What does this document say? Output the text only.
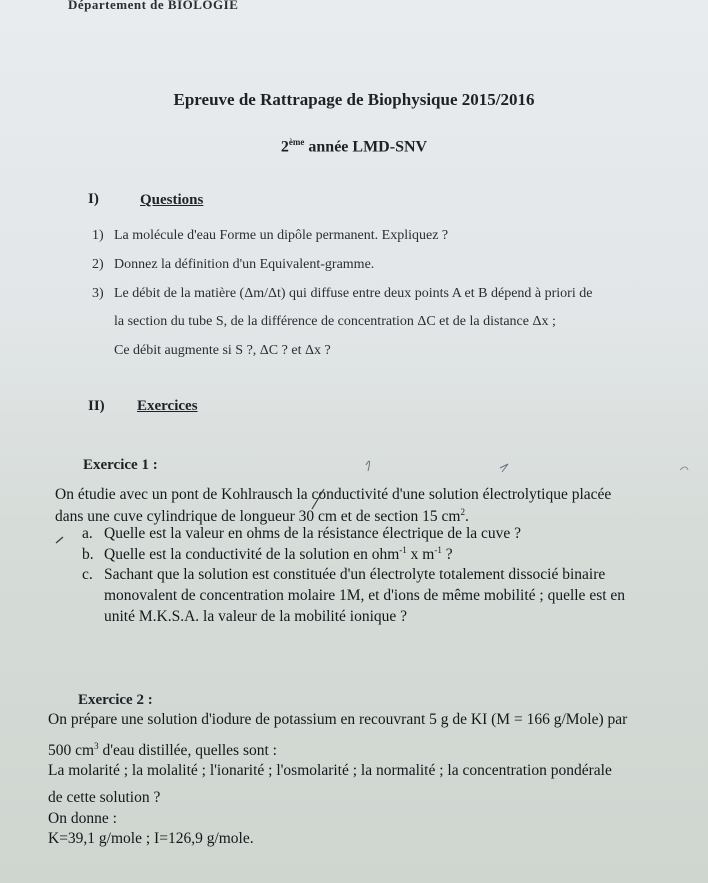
Département de BIOLOGIE
Epreuve de Rattrapage de Biophysique 2015/2016
2ème année LMD-SNV
I)	Questions
1) La molécule d'eau Forme un dipôle permanent. Expliquez ?
2) Donnez la définition d'un Equivalent-gramme.
3) Le débit de la matière (Δm/Δt) qui diffuse entre deux points A et B dépend à priori de
la section du tube S, de la différence de concentration ΔC et de la distance Δx ;
Ce débit augmente si S ?, ΔC ? et Δx ?
II) Exercices
Exercice 1 :
On étudie avec un pont de Kohlrausch la conductivité d'une solution électrolytique placée
dans une cuve cylindrique de longueur 30 cm et de section 15 $cm^2$.
a. Quelle est la valeur en ohms de la résistance électrique de la cuve ?
b. Quelle est la conductivité de la solution en ohm$^{-1}$ x $m^{-1}$ ?
c. Sachant que la solution est constituée d'un électrolyte totalement dissocié binaire
monovalent de concentration molaire 1M, et d'ions de même mobilité ; quelle est en
unité M.K.S.A. la valeur de la mobilité ionique ?
Exercice 2 :
On prépare une solution d'iodure de potassium en recouvrant 5 g de KI (M = 166 g/Mole) par
500 $cm^3$ d'eau distillée, quelles sont :
La molarité ; la molalité ; l'ionarité ; l'osmolarité ; la normalité ; la concentration pondérale
de cette solution ?
On donne :
K=39,1 g/mole ; I=126,9 g/mole.
